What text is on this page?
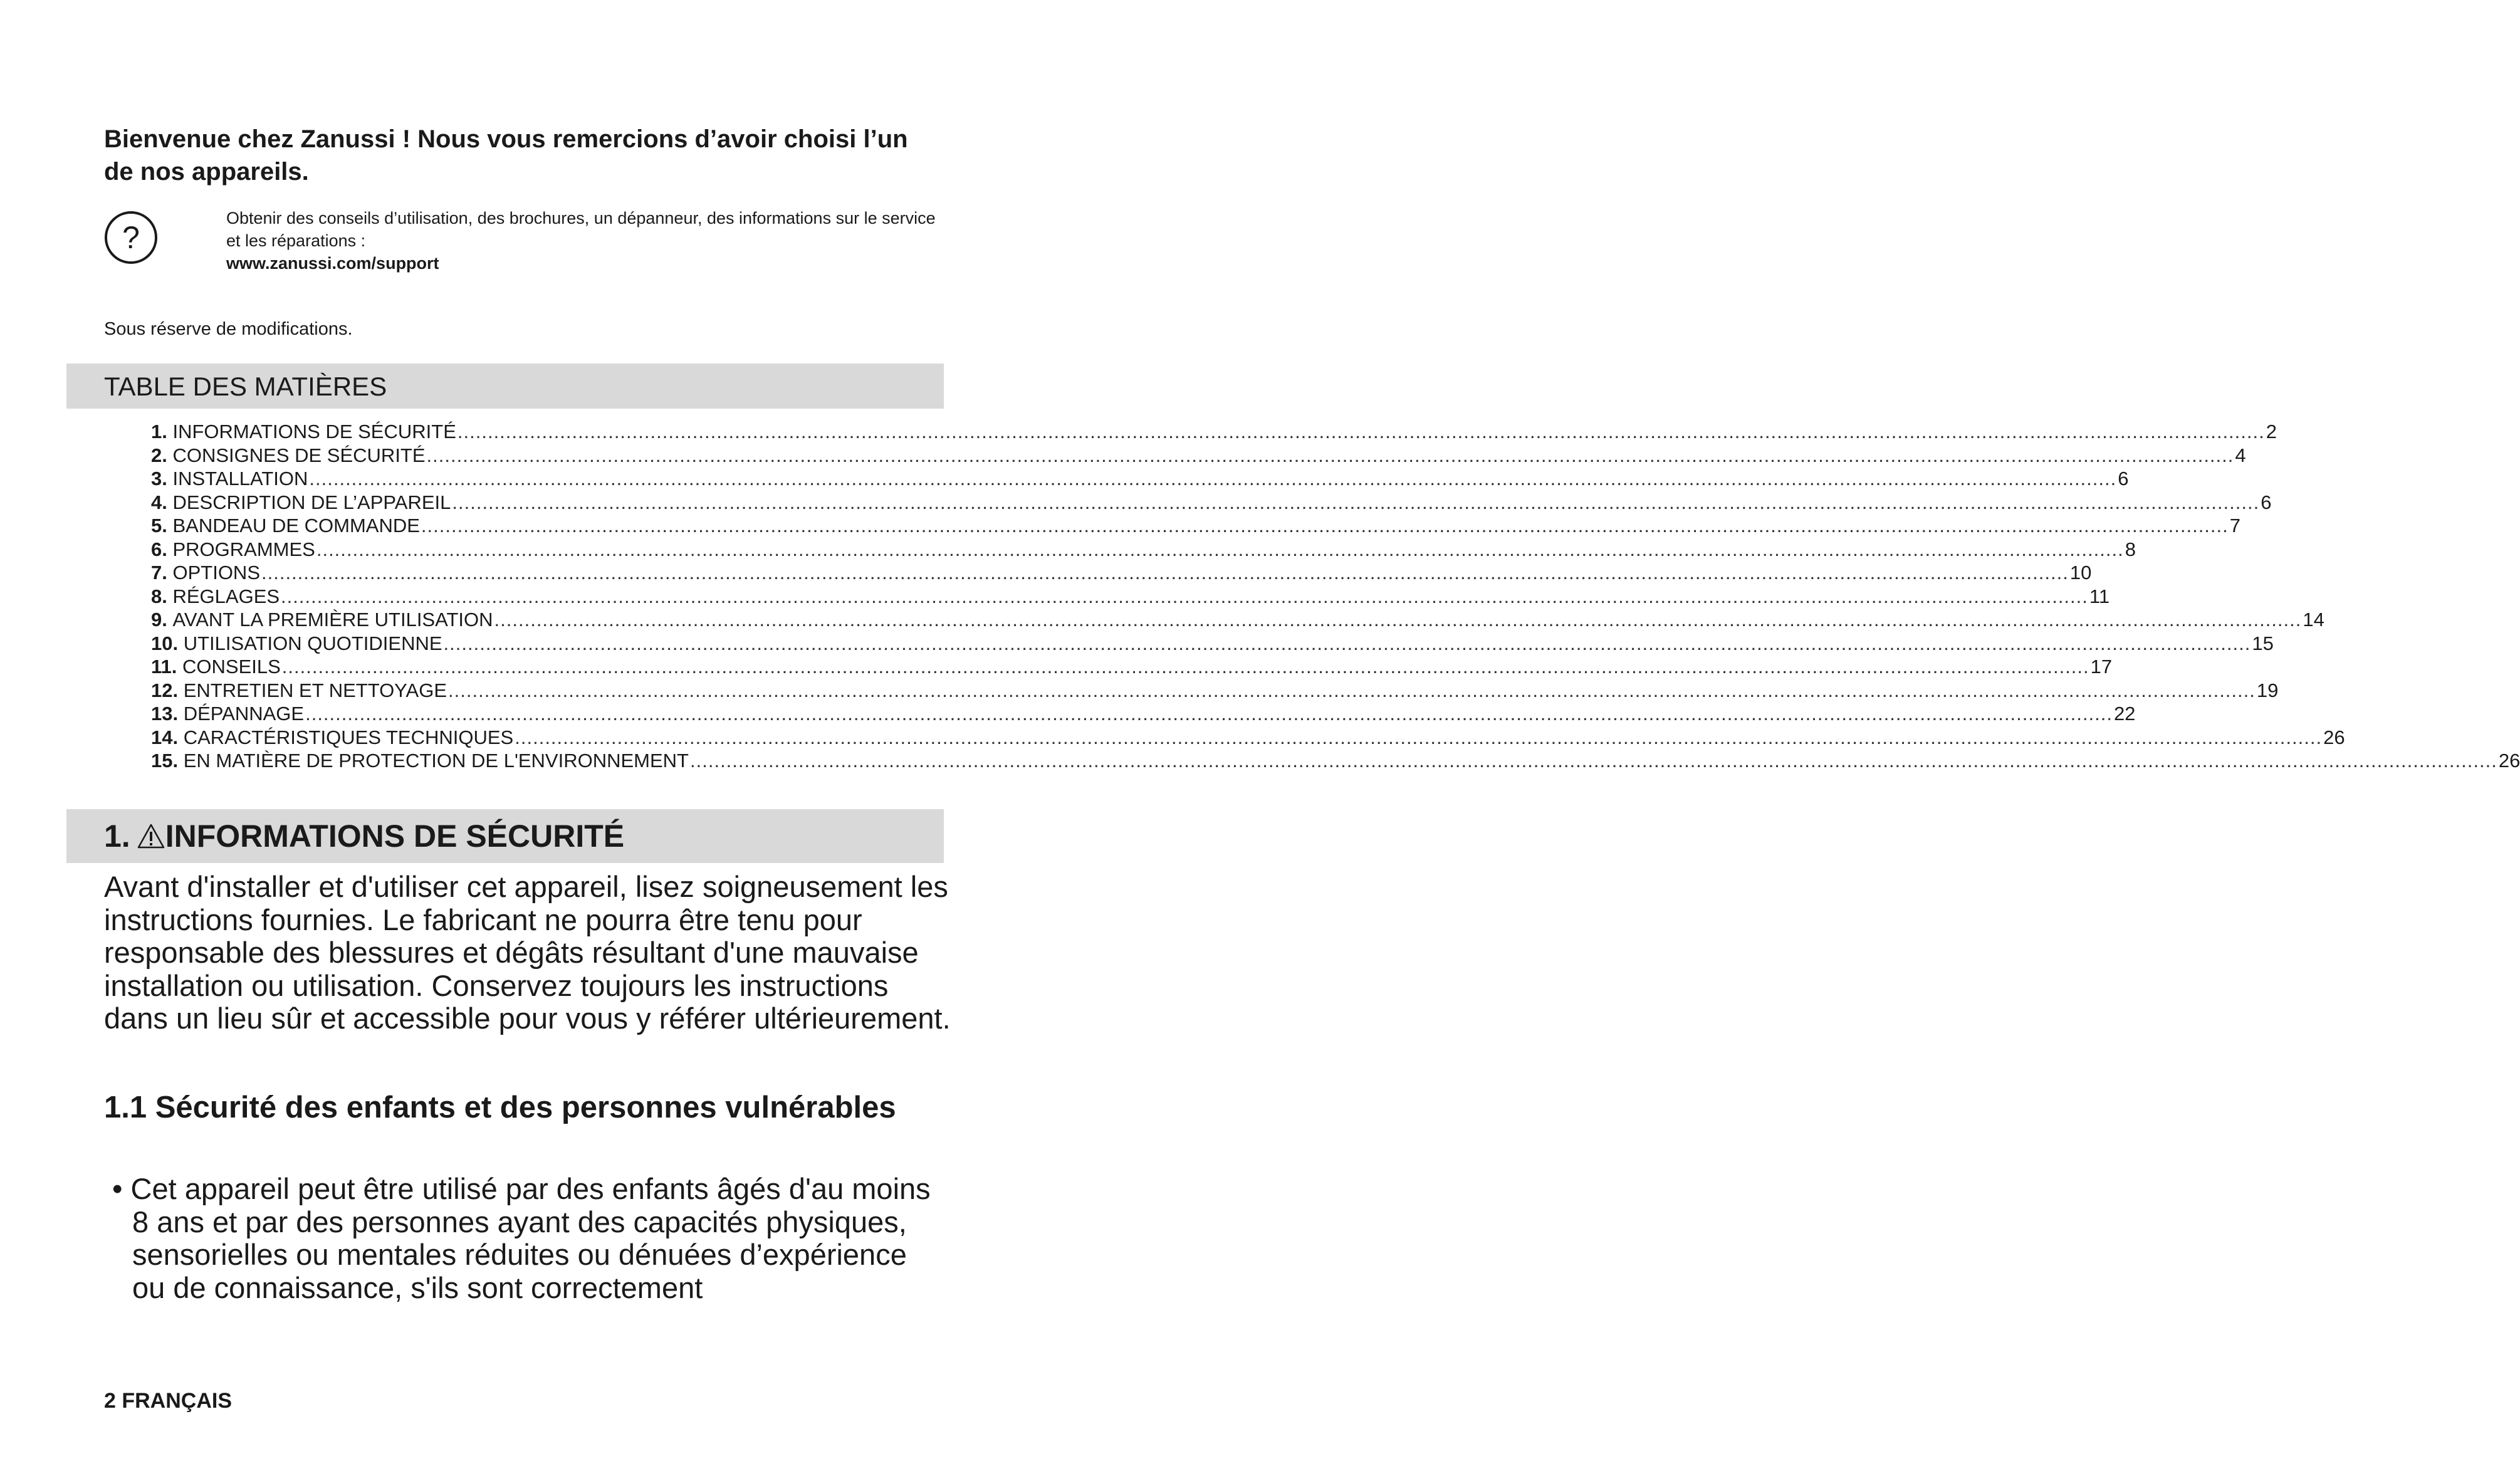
Bienvenue chez Zanussi ! Nous vous remercions d’avoir choisi l’un de nos appareils.

?
Obtenir des conseils d’utilisation, des brochures, un dépanneur, des informations sur le service et les réparations :
www.zanussi.com/support
Sous réserve de modifications.
TABLE DES MATIÈRES
1.
INFORMATIONS DE SÉCURITÉ ............................................................................................................................................................................................................................................................................................................ 2
2.
CONSIGNES DE SÉCURITÉ ............................................................................................................................................................................................................................................................................................................ 4
3.
INSTALLATION ............................................................................................................................................................................................................................................................................................................ 6
4.
DESCRIPTION DE L’APPAREIL ............................................................................................................................................................................................................................................................................................................ 6
5.
BANDEAU DE COMMANDE ............................................................................................................................................................................................................................................................................................................ 7
6.
PROGRAMMES ............................................................................................................................................................................................................................................................................................................ 8
7.
OPTIONS ............................................................................................................................................................................................................................................................................................................ 10
8.
RÉGLAGES ............................................................................................................................................................................................................................................................................................................ 11
9.
AVANT LA PREMIÈRE UTILISATION ............................................................................................................................................................................................................................................................................................................ 14
10.
UTILISATION QUOTIDIENNE ............................................................................................................................................................................................................................................................................................................ 15
11.
CONSEILS ............................................................................................................................................................................................................................................................................................................ 17
12.
ENTRETIEN ET NETTOYAGE ............................................................................................................................................................................................................................................................................................................ 19
13.
DÉPANNAGE ............................................................................................................................................................................................................................................................................................................ 22
14.
CARACTÉRISTIQUES TECHNIQUES ............................................................................................................................................................................................................................................................................................................ 26
15.
EN MATIÈRE DE PROTECTION DE L'ENVIRONNEMENT ............................................................................................................................................................................................................................................................................................................ 26
1. INFORMATIONS DE SÉCURITÉ

Avant d'installer et d'utiliser cet appareil, lisez soigneusement les instructions fournies. Le fabricant ne pourra être tenu pour responsable des blessures et dégâts résultant d'une mauvaise installation ou utilisation. Conservez toujours les instructions dans un lieu sûr et accessible pour vous y référer ultérieurement.

1.1 Sécurité des enfants et des personnes vulnérables

• Cet appareil peut être utilisé par des enfants âgés d'au moins 8 ans et par des personnes ayant des capacités physiques, sensorielles ou mentales réduites ou dénuées d’expérience ou de connaissance, s'ils sont correctement

2 FRANÇAIS
